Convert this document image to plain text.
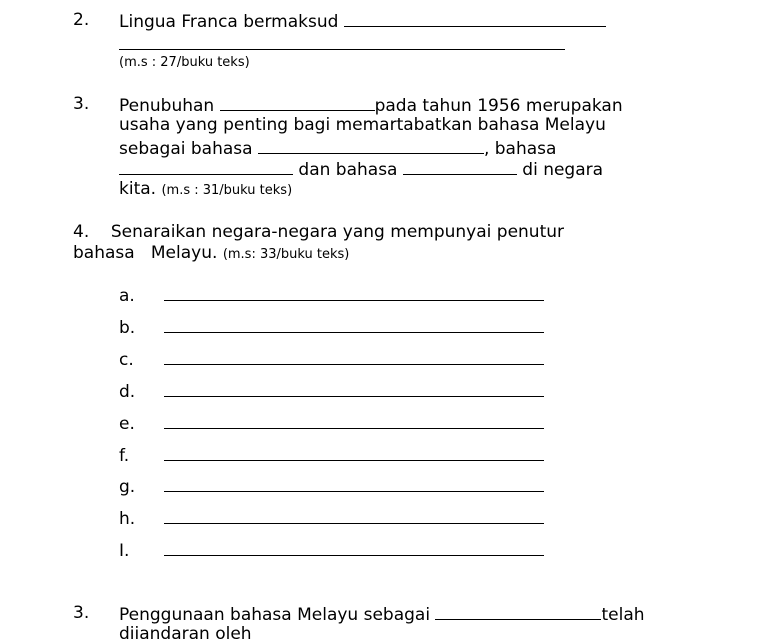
2. Lingua Franca bermaksud
(m.s : 27/buku teks)
3. Penubuhan	pada tahun 1956 merupakan
usaha yang penting bagi memartabatkan bahasa Melayu
sebagai bahasa	, bahasa
dan bahasa	di negara
kita. (m.s : 31/buku teks)
4. Senaraikan negara-negara yang mempunyai penutur
bahasa   Melayu. (m.s: 33/buku teks)
a.
b.
c.
d.
e.
f.
g.
h.
I.
3. Penggunaan bahasa Melayu sebagai	telah
diiandaran oleh
